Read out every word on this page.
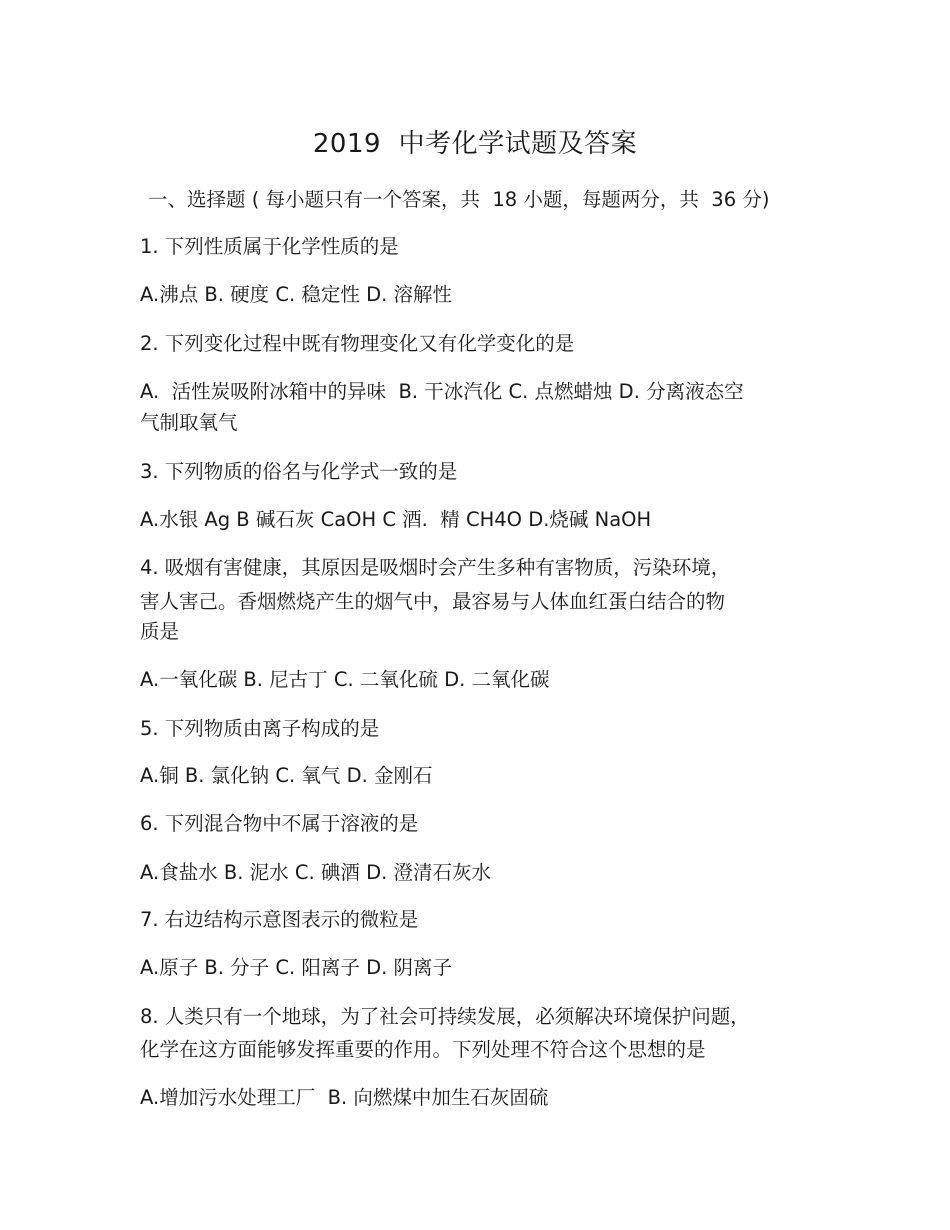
2019  中考化学试题及答案
一、选择题 ( 每小题只有一个答案，共  18 小题，每题两分，共  36 分)
1. 下列性质属于化学性质的是
A.沸点 B. 硬度 C. 稳定性 D. 溶解性
2. 下列变化过程中既有物理变化又有化学变化的是
A.  活性炭吸附冰箱中的异味  B. 干冰汽化 C. 点燃蜡烛 D. 分离液态空
气制取氧气
3. 下列物质的俗名与化学式一致的是
A.水银 Ag B 碱石灰 CaOH C 酒.  精 CH4O D.烧碱 NaOH
4. 吸烟有害健康，其原因是吸烟时会产生多种有害物质，污染环境，
害人害己。香烟燃烧产生的烟气中，最容易与人体血红蛋白结合的物
质是
A.一氧化碳 B. 尼古丁 C. 二氧化硫 D. 二氧化碳
5. 下列物质由离子构成的是
A.铜 B. 氯化钠 C. 氧气 D. 金刚石
6. 下列混合物中不属于溶液的是
A.食盐水 B. 泥水 C. 碘酒 D. 澄清石灰水
7. 右边结构示意图表示的微粒是
A.原子 B. 分子 C. 阳离子 D. 阴离子
8. 人类只有一个地球，为了社会可持续发展，必须解决环境保护问题，
化学在这方面能够发挥重要的作用。下列处理不符合这个思想的是
A.增加污水处理工厂  B. 向燃煤中加生石灰固硫
